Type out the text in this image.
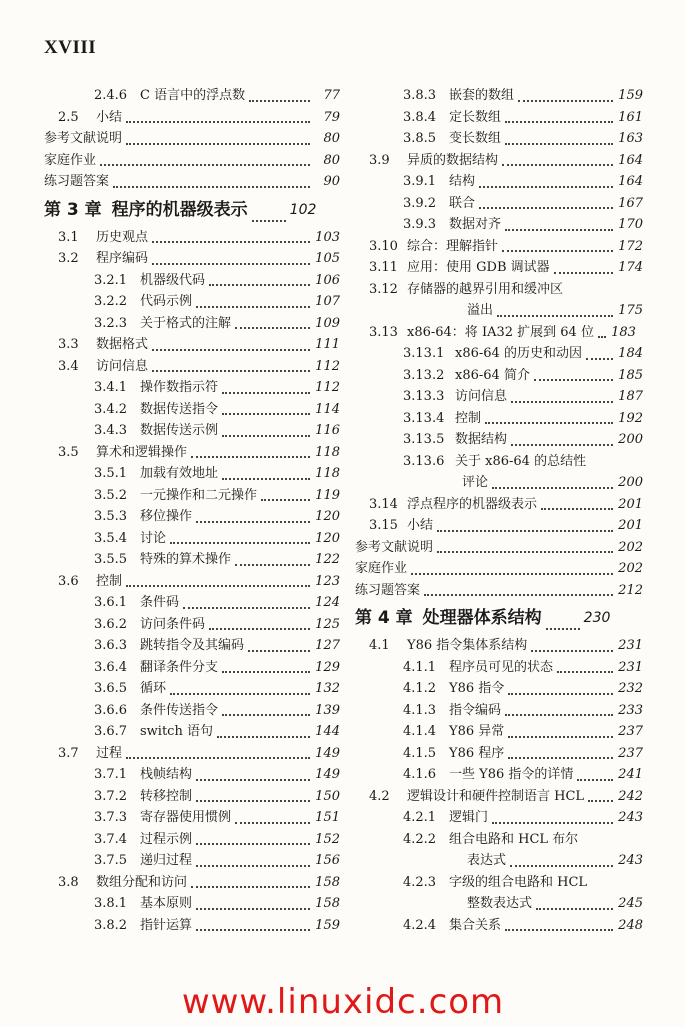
XVIII
2.4.6 C 语言中的浮点数	77
2.5 小结	79
参考文献说明	80
家庭作业	80
练习题答案	90
第 3 章 程序的机器级表示	102
3.1 历史观点	103
3.2 程序编码	105
3.2.1 机器级代码	106
3.2.2 代码示例	107
3.2.3 关于格式的注解	109
3.3 数据格式	111
3.4 访问信息	112
3.4.1 操作数指示符	112
3.4.2 数据传送指令	114
3.4.3 数据传送示例	116
3.5 算术和逻辑操作	118
3.5.1 加载有效地址	118
3.5.2 一元操作和二元操作	119
3.5.3 移位操作	120
3.5.4 讨论	120
3.5.5 特殊的算术操作	122
3.6 控制	123
3.6.1 条件码	124
3.6.2 访问条件码	125
3.6.3 跳转指令及其编码	127
3.6.4 翻译条件分支	129
3.6.5 循环	132
3.6.6 条件传送指令	139
3.6.7 switch 语句	144
3.7 过程	149
3.7.1 栈帧结构	149
3.7.2 转移控制	150
3.7.3 寄存器使用惯例	151
3.7.4 过程示例	152
3.7.5 递归过程	156
3.8 数组分配和访问	158
3.8.1 基本原则	158
3.8.2 指针运算	159
3.8.3 嵌套的数组	159
3.8.4 定长数组	161
3.8.5 变长数组	163
3.9 异质的数据结构	164
3.9.1 结构	164
3.9.2 联合	167
3.9.3 数据对齐	170
3.10 综合：理解指针	172
3.11 应用：使用 GDB 调试器	174
3.12 存储器的越界引用和缓冲区
溢出	175
3.13 x86-64：将 IA32 扩展到 64 位 183
3.13.1 x86-64 的历史和动因	184
3.13.2 x86-64 简介	185
3.13.3 访问信息	187
3.13.4 控制	192
3.13.5 数据结构	200
3.13.6 关于 x86-64 的总结性
评论	200
3.14 浮点程序的机器级表示	201
3.15 小结	201
参考文献说明	202
家庭作业	202
练习题答案	212
第 4 章 处理器体系结构	230
4.1 Y86 指令集体系结构	231
4.1.1 程序员可见的状态	231
4.1.2 Y86 指令	232
4.1.3 指令编码	233
4.1.4 Y86 异常	237
4.1.5 Y86 程序	237
4.1.6 一些 Y86 指令的详情	241
4.2 逻辑设计和硬件控制语言 HCL	242
4.2.1 逻辑门	243
4.2.2 组合电路和 HCL 布尔
表达式	243
4.2.3 字级的组合电路和 HCL
整数表达式	245
4.2.4 集合关系	248
www.linuxidc.com
